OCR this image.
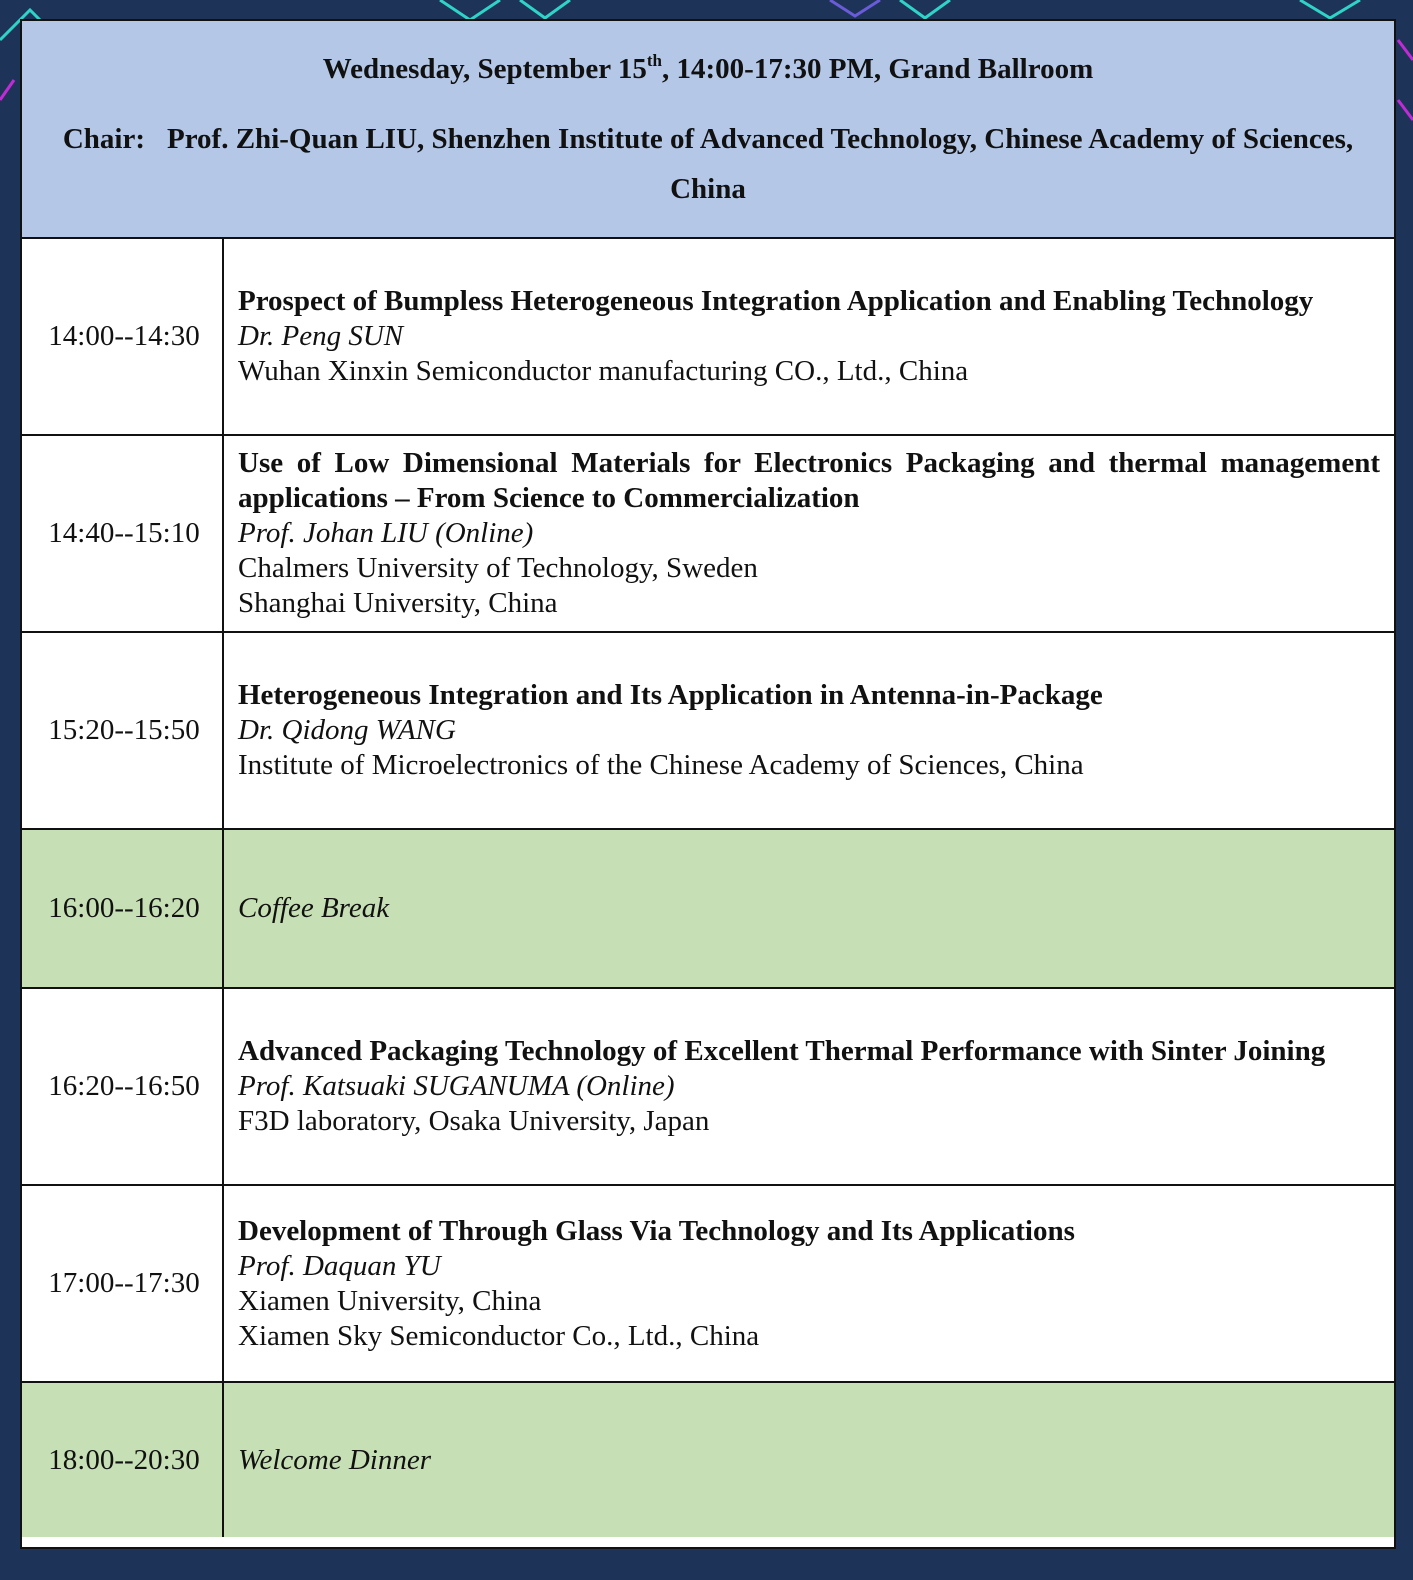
Wednesday, September 15th, 14:00-17:30 PM, Grand Ballroom
Chair: Prof. Zhi-Quan LIU, Shenzhen Institute of Advanced Technology, Chinese Academy of Sciences, China
14:00--14:30
Prospect of Bumpless Heterogeneous Integration Application and Enabling Technology
Dr. Peng SUN
Wuhan Xinxin Semiconductor manufacturing CO., Ltd., China
14:40--15:10
Use of Low Dimensional Materials for Electronics Packaging and thermal management applications – From Science to Commercialization
Prof. Johan LIU (Online)
Chalmers University of Technology, Sweden
Shanghai University, China
15:20--15:50
Heterogeneous Integration and Its Application in Antenna-in-Package
Dr. Qidong WANG
Institute of Microelectronics of the Chinese Academy of Sciences, China
16:00--16:20	Coffee Break
16:20--16:50
Advanced Packaging Technology of Excellent Thermal Performance with Sinter Joining
Prof. Katsuaki SUGANUMA (Online)
F3D laboratory, Osaka University, Japan
17:00--17:30
Development of Through Glass Via Technology and Its Applications
Prof. Daquan YU
Xiamen University, China
Xiamen Sky Semiconductor Co., Ltd., China
18:00--20:30	Welcome Dinner
